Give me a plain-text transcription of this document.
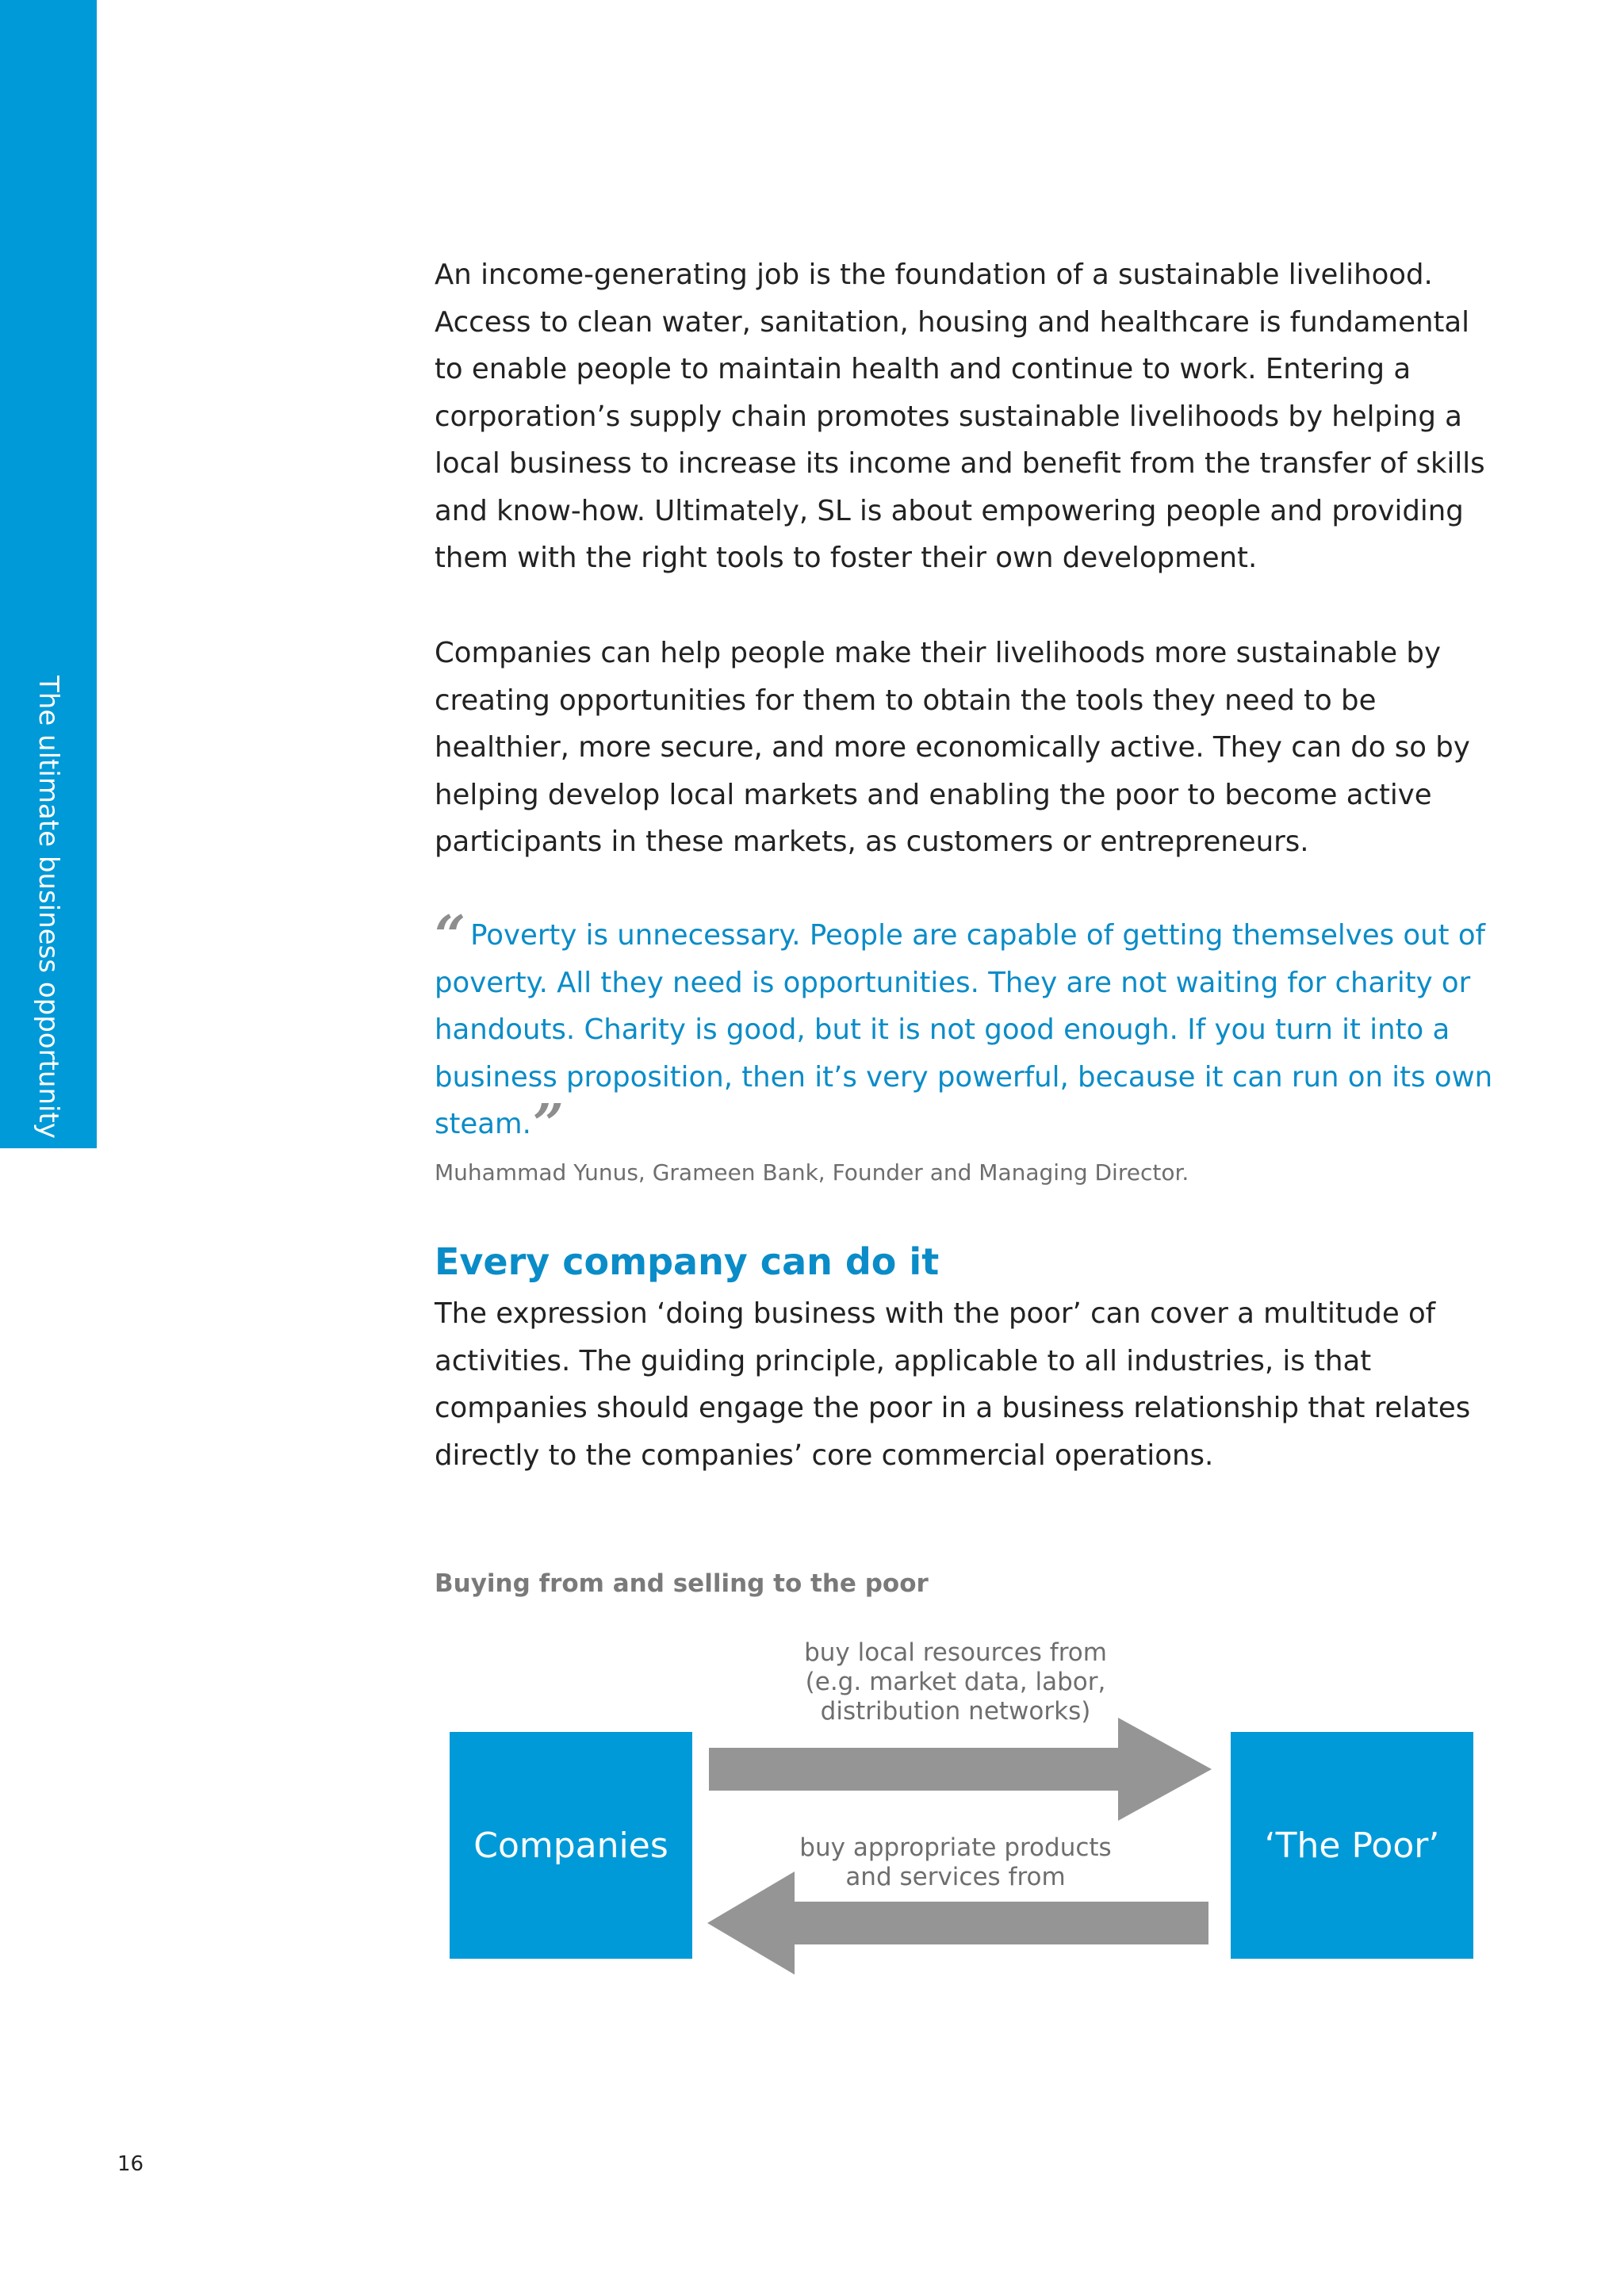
The ultimate business opportunity

An income-generating job is the foundation of a sustainable livelihood. Access to clean water, sanitation, housing and healthcare is fundamental to enable people to maintain health and continue to work. Entering a corporation’s supply chain promotes sustainable livelihoods by helping a local business to increase its income and benefit from the transfer of skills and know-how. Ultimately, SL is about empowering people and providing them with the right tools to foster their own development.

Companies can help people make their livelihoods more sustainable by creating opportunities for them to obtain the tools they need to be healthier, more secure, and more economically active. They can do so by helping develop local markets and enabling the poor to become active participants in these markets, as customers or entrepreneurs.

“ Poverty is unnecessary. People are capable of getting themselves out of poverty. All they need is opportunities. They are not waiting for charity or handouts. Charity is good, but it is not good enough. If you turn it into a business proposition, then it’s very powerful, because it can run on its own steam.”

Muhammad Yunus, Grameen Bank, Founder and Managing Director.

Every company can do it

The expression ‘doing business with the poor’ can cover a multitude of activities. The guiding principle, applicable to all industries, is that companies should engage the poor in a business relationship that relates directly to the companies’ core commercial operations.

Buying from and selling to the poor

Companies	‘The Poor’

buy local resources from
(e.g. market data, labor,
distribution networks)

buy appropriate products
and services from

16
